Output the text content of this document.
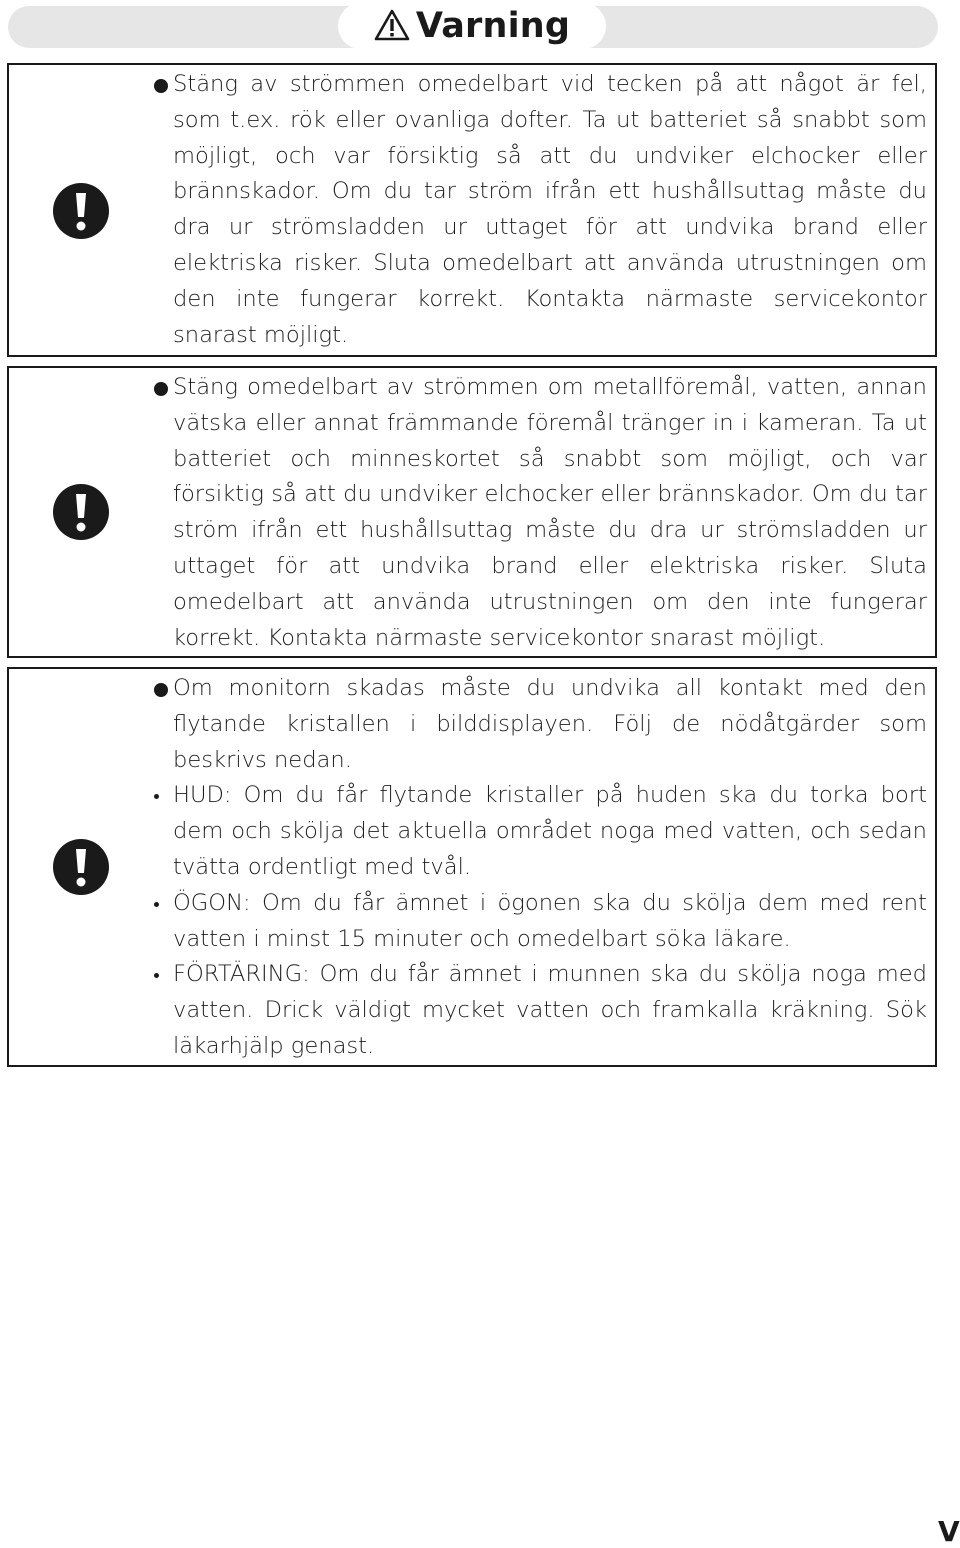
Varning

Stäng av strömmen omedelbart vid tecken på att något är fel, som t.ex. rök eller ovanliga dofter. Ta ut batteriet så snabbt som möjligt, och var försiktig så att du undviker elchocker eller brännskador. Om du tar ström ifrån ett hushållsuttag måste du dra ur strömsladden ur uttaget för att undvika brand eller elektriska risker. Sluta omedelbart att använda utrustningen om den inte fungerar korrekt. Kontakta närmaste servicekontor snarast möjligt.

Stäng omedelbart av strömmen om metallföremål, vatten, annan vätska eller annat främmande föremål tränger in i kameran. Ta ut batteriet och minneskortet så snabbt som möjligt, och var försiktig så att du undviker elchocker eller brännskador. Om du tar ström ifrån ett hushållsuttag måste du dra ur strömsladden ur uttaget för att undvika brand eller elektriska risker. Sluta omedelbart att använda utrustningen om den inte fungerar korrekt. Kontakta närmaste servicekontor snarast möjligt.

Om monitorn skadas måste du undvika all kontakt med den flytande kristallen i bilddisplayen. Följ de nödåtgärder som beskrivs nedan.

HUD: Om du får flytande kristaller på huden ska du torka bort dem och skölja det aktuella området noga med vatten, och sedan tvätta ordentligt med tvål.

ÖGON: Om du får ämnet i ögonen ska du skölja dem med rent vatten i minst 15 minuter och omedelbart söka läkare.

FÖRTÄRING: Om du får ämnet i munnen ska du skölja noga med vatten. Drick väldigt mycket vatten och framkalla kräkning. Sök läkarhjälp genast.

V
